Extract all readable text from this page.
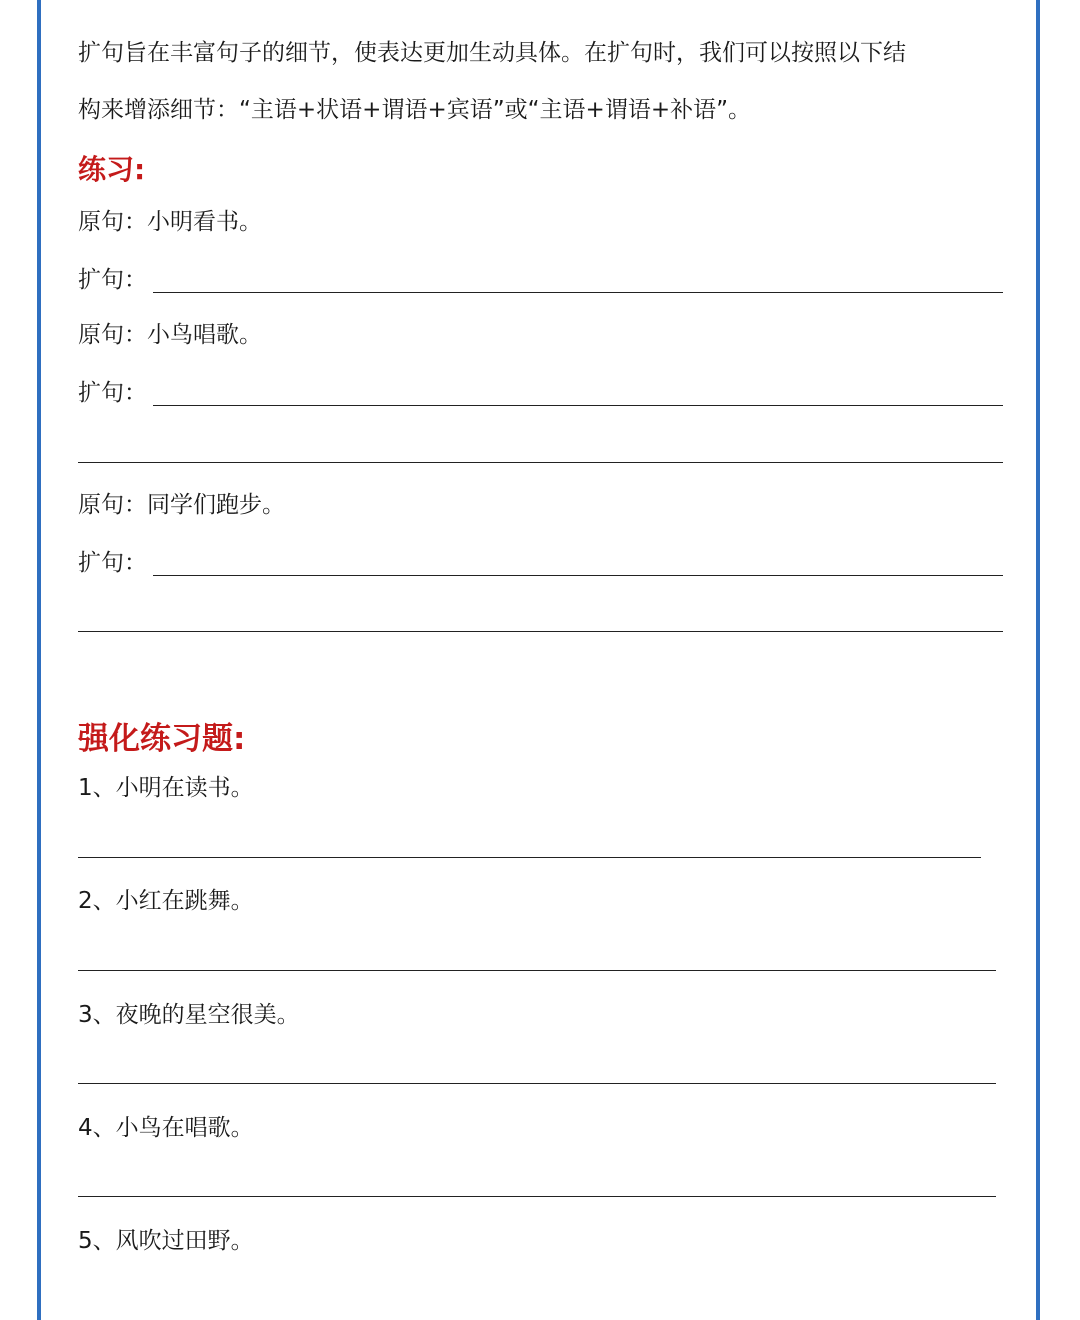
扩句旨在丰富句子的细节，使表达更加生动具体。在扩句时，我们可以按照以下结
构来增添细节：“主语+状语+谓语+宾语”或“主语+谓语+补语”。
练习:
原句：小明看书。
扩句：
原句：小鸟唱歌。
扩句：
原句：同学们跑步。
扩句：
强化练习题:
1、小明在读书。
2、小红在跳舞。
3、夜晚的星空很美。
4、小鸟在唱歌。
5、风吹过田野。
